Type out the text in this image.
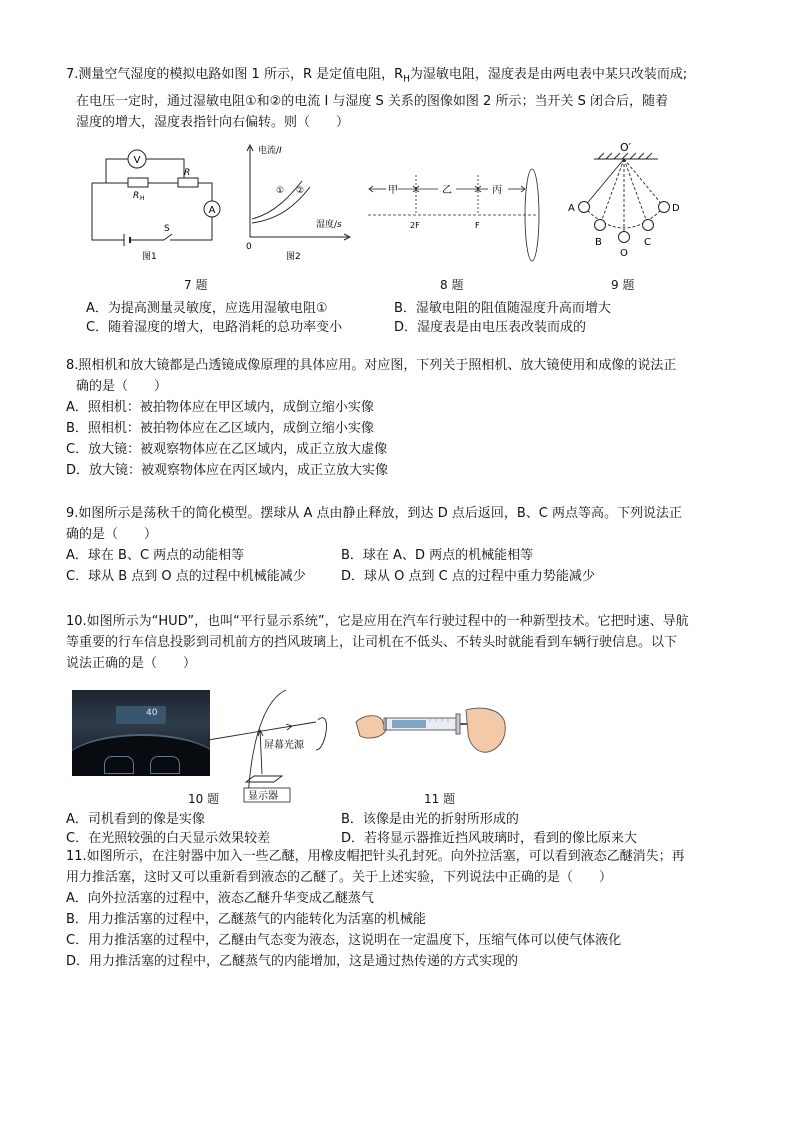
7.测量空气湿度的模拟电路如图 1 所示，R 是定值电阻，$R_H$为湿敏电阻，湿度表是由两电表中某只改装而成;
在电压一定时，通过湿敏电阻①和②的电流 I 与湿度 S 关系的图像如图 2 所示；当开关 S 闭合后，随着
湿度的增大，湿度表指针向右偏转。则（　　）
V
A
R H
R
S
图1
电流/I
湿度/s
0
① ②
图2
甲	乙	丙
2F	F
O′
A
B
O
C
D
7 题	8 题	9 题
A．为提高测量灵敏度，应选用湿敏电阻①	B．湿敏电阻的阻值随湿度升高而增大
C．随着湿度的增大，电路消耗的总功率变小	D．湿度表是由电压表改装而成的
8.照相机和放大镜都是凸透镜成像原理的具体应用。对应图，下列关于照相机、放大镜使用和成像的说法正
确的是（　　）
A．照相机：被拍物体应在甲区域内，成倒立缩小实像
B．照相机：被拍物体应在乙区域内，成倒立缩小实像
C．放大镜：被观察物体应在乙区域内，成正立放大虚像
D．放大镜：被观察物体应在丙区域内，成正立放大实像
9.如图所示是荡秋千的简化模型。摆球从 A 点由静止释放，到达 D 点后返回，B、C 两点等高。下列说法正
确的是（　　）
A．球在 B、C 两点的动能相等	B．球在 A、D 两点的机械能相等
C．球从 B 点到 O 点的过程中机械能减少	D．球从 O 点到 C 点的过程中重力势能减少
10.如图所示为“HUD”，也叫“平行显示系统”，它是应用在汽车行驶过程中的一种新型技术。它把时速、导航
等重要的行车信息投影到司机前方的挡风玻璃上，让司机在不低头、不转头时就能看到车辆行驶信息。以下
说法正确的是（　　）
40
屏幕光源
显示器
10 题	11 题
A．司机看到的像是实像	B．该像是由光的折射所形成的
C．在光照较强的白天显示效果较差	D．若将显示器推近挡风玻璃时，看到的像比原来大
11.如图所示，在注射器中加入一些乙醚，用橡皮帽把针头孔封死。向外拉活塞，可以看到液态乙醚消失；再
用力推活塞，这时又可以重新看到液态的乙醚了。关于上述实验，下列说法中正确的是（　　）
A．向外拉活塞的过程中，液态乙醚升华变成乙醚蒸气
B．用力推活塞的过程中，乙醚蒸气的内能转化为活塞的机械能
C．用力推活塞的过程中，乙醚由气态变为液态，这说明在一定温度下，压缩气体可以使气体液化
D．用力推活塞的过程中，乙醚蒸气的内能增加，这是通过热传递的方式实现的
